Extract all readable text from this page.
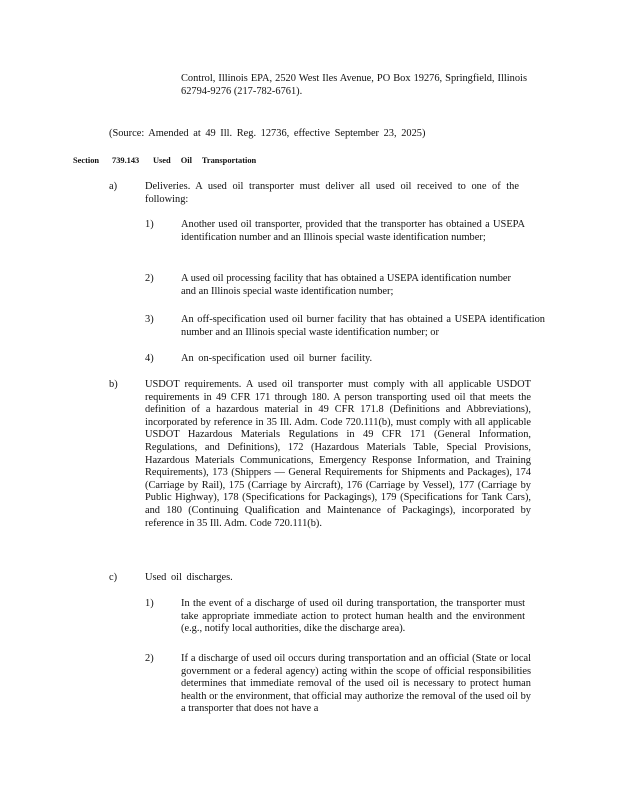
Control, Illinois EPA, 2520 West Iles Avenue, PO Box 19276, Springfield, Illinois 62794-9276 (217-782-6761).

(Source: Amended at 49 Ill. Reg. 12736, effective September 23, 2025)

Section 739.143 Used Oil Transportation
a)	Deliveries. A used oil transporter must deliver all used oil received to one of the following:

1)	Another used oil transporter, provided that the transporter has obtained a USEPA identification number and an Illinois special waste identification number;

2)	A used oil processing facility that has obtained a USEPA identification number and an Illinois special waste identification number;

3)	An off-specification used oil burner facility that has obtained a USEPA identification number and an Illinois special waste identification number; or

4)	An on-specification used oil burner facility.

b)	USDOT requirements. A used oil transporter must comply with all applicable USDOT requirements in 49 CFR 171 through 180. A person transporting used oil that meets the definition of a hazardous material in 49 CFR 171.8 (Definitions and Abbreviations), incorporated by reference in 35 Ill. Adm. Code 720.111(b), must comply with all applicable USDOT Hazardous Materials Regulations in 49 CFR 171 (General Information, Regulations, and Definitions), 172 (Hazardous Materials Table, Special Provisions, Hazardous Materials Communications, Emergency Response Information, and Training Requirements), 173 (Shippers — General Requirements for Shipments and Packages), 174 (Carriage by Rail), 175 (Carriage by Aircraft), 176 (Carriage by Vessel), 177 (Carriage by Public Highway), 178 (Specifications for Packagings), 179 (Specifications for Tank Cars), and 180 (Continuing Qualification and Maintenance of Packagings), incorporated by reference in 35 Ill. Adm. Code 720.111(b).

c)	Used oil discharges.

1)	In the event of a discharge of used oil during transportation, the transporter must take appropriate immediate action to protect human health and the environment (e.g., notify local authorities, dike the discharge area).

2)	If a discharge of used oil occurs during transportation and an official (State or local government or a federal agency) acting within the scope of official responsibilities determines that immediate removal of the used oil is necessary to protect human health or the environment, that official may authorize the removal of the used oil by a transporter that does not have a
